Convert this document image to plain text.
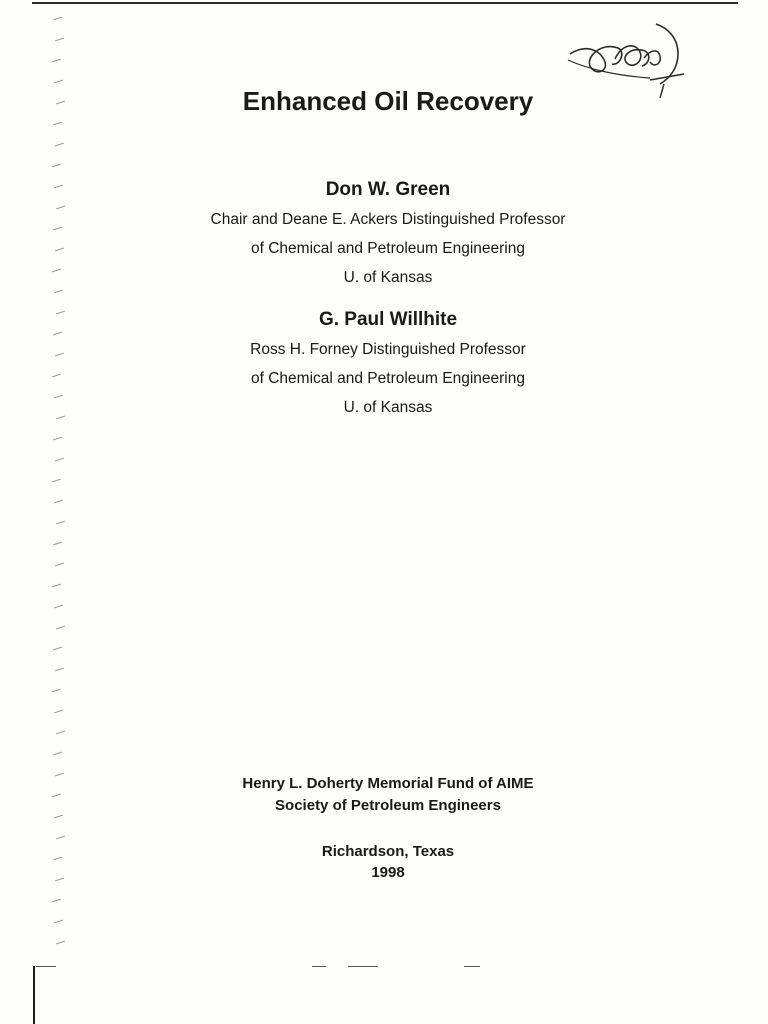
Enhanced Oil Recovery
Don W. Green
Chair and Deane E. Ackers Distinguished Professor
of Chemical and Petroleum Engineering
U. of Kansas
G. Paul Willhite
Ross H. Forney Distinguished Professor
of Chemical and Petroleum Engineering
U. of Kansas
Henry L. Doherty Memorial Fund of AIME
Society of Petroleum Engineers
Richardson, Texas
1998
